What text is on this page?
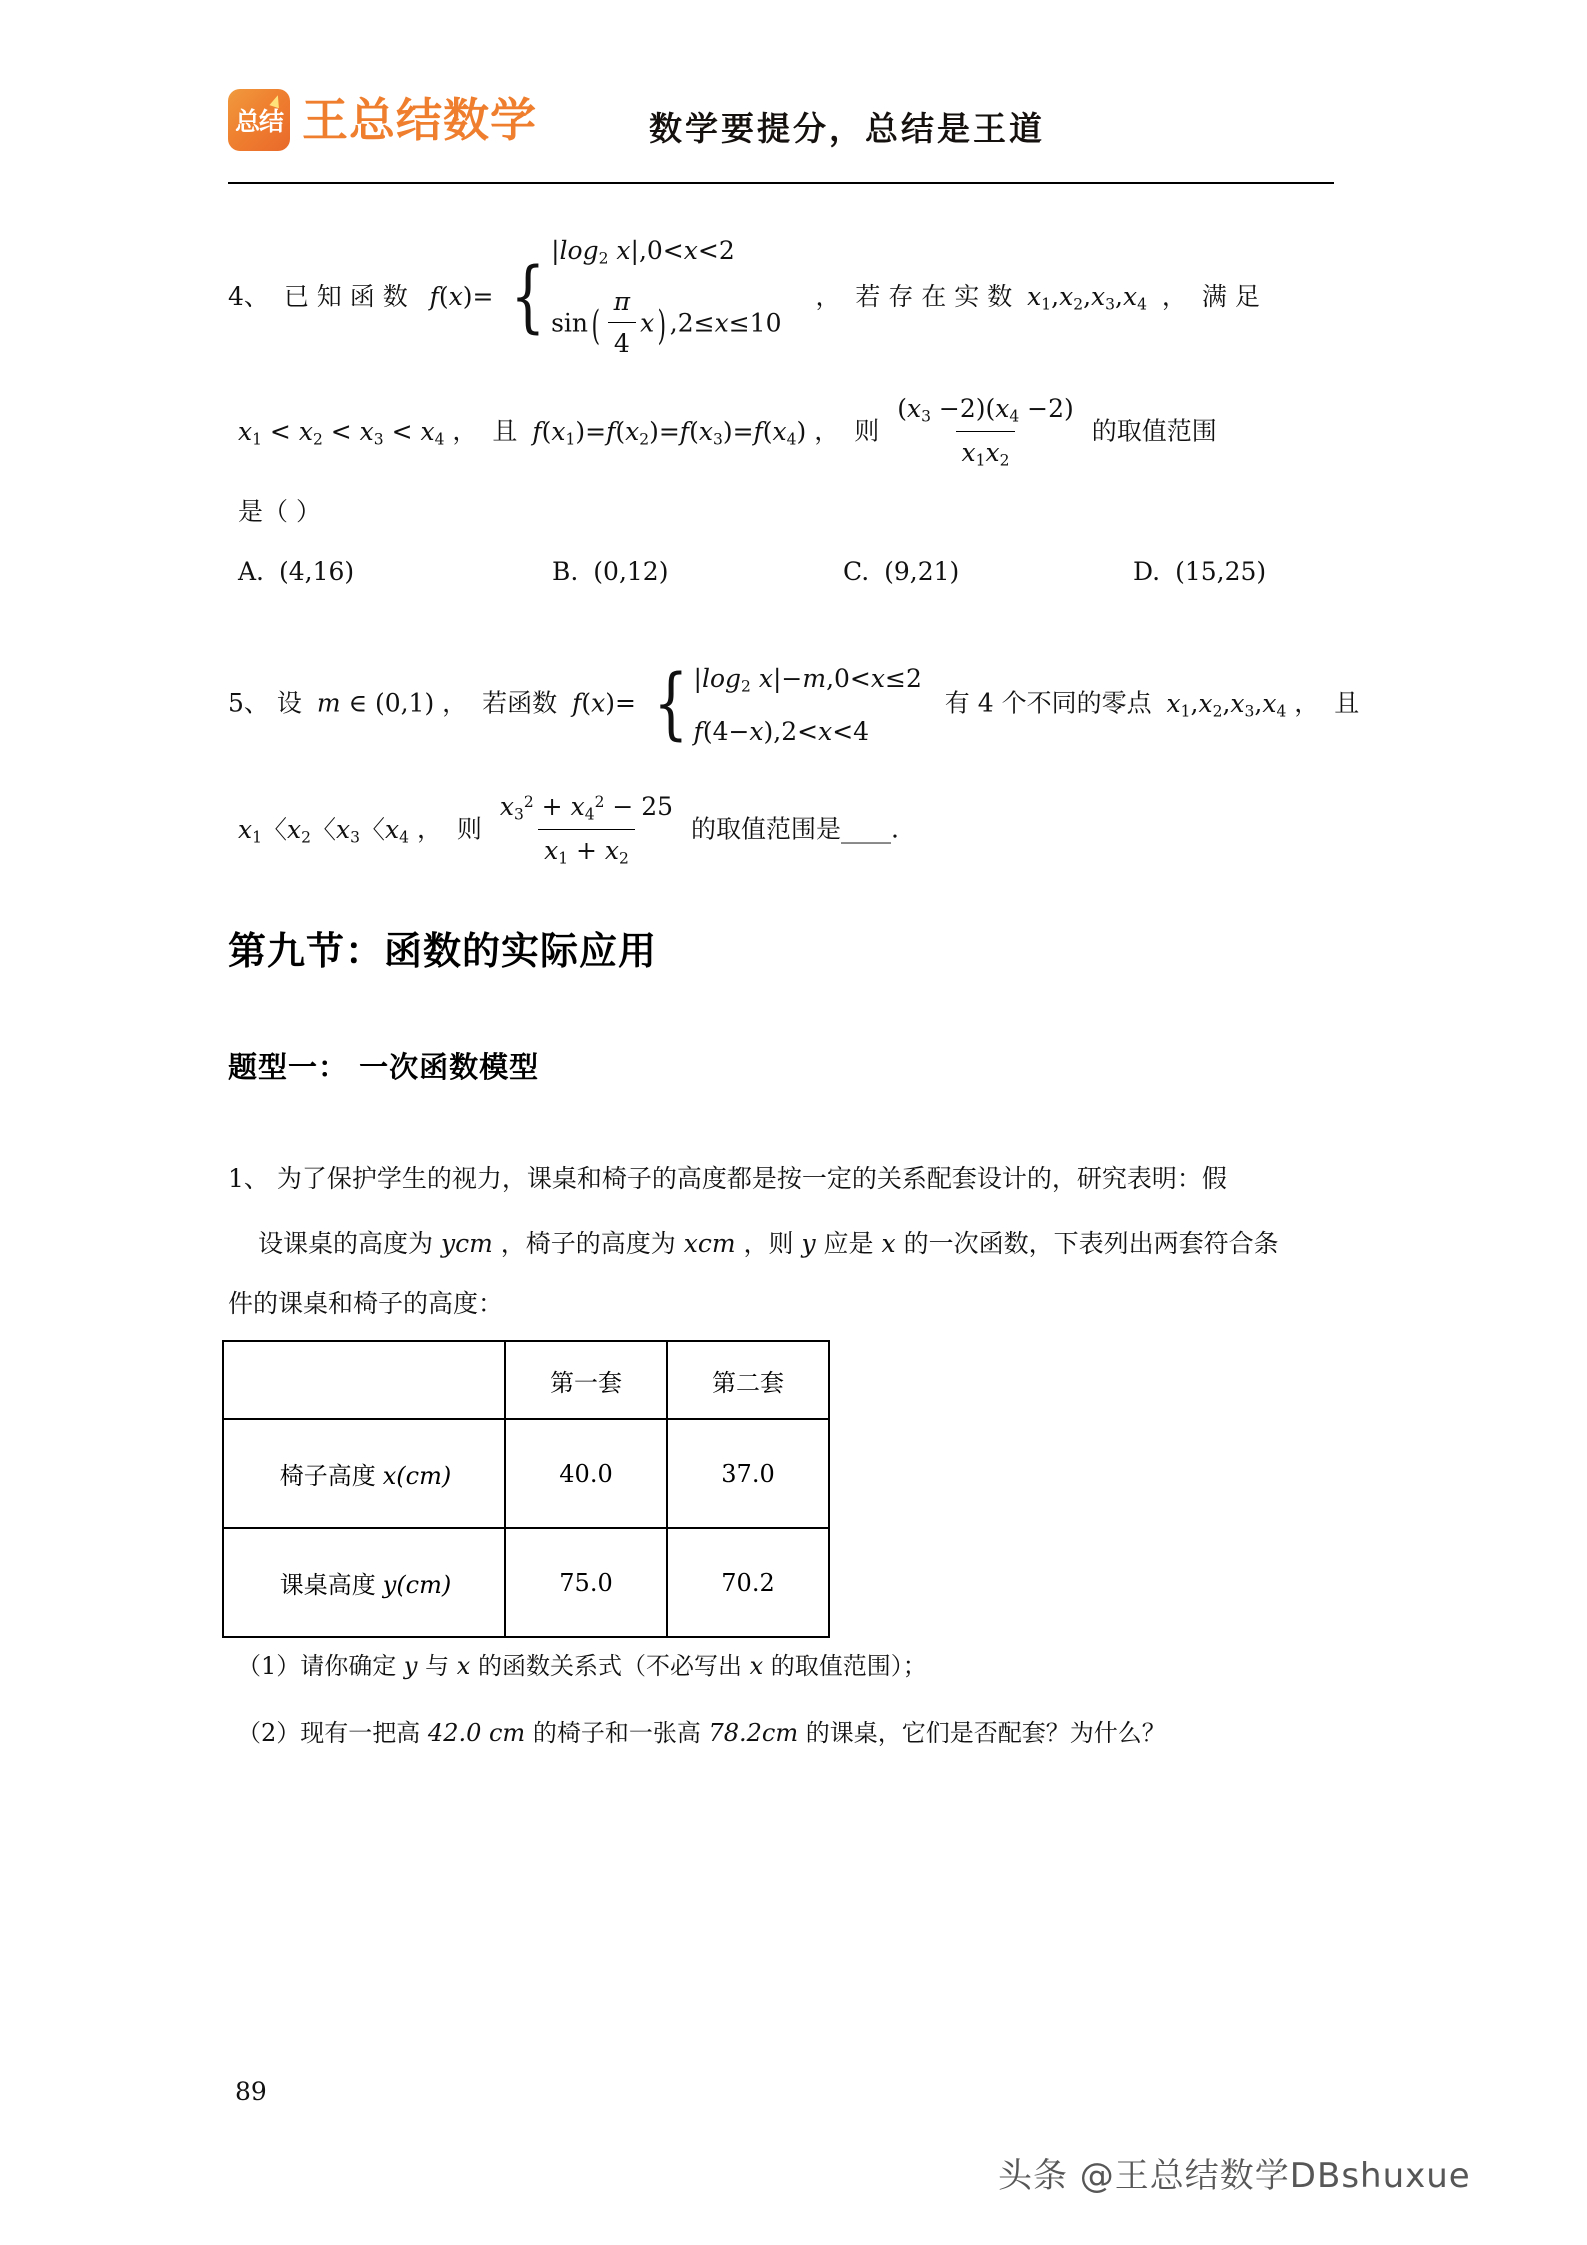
总结 王总结数学	数学要提分，总结是王道
4、 已 知 函 数 f(x)= {
$|\log_2$ x|,0<x<2
$\sin( \frac{\pi}{4} x)$ ,2≤x≤10
， 若 存 在 实 数 $x_1,x_2,x_3,x_4$ ， 满 足
$x_1 < x_2 < x_3 < x_4$ ， 且 $f(x_1)=f(x_2)=f(x_3)=f(x_4)$ ， 则 $\frac{(x_3 -2)(x_4 -2)}{x_1x_2}$ 的取值范围
是（ ）
A. (4,16)	B. (0,12)	C. (9,21)	D. (15,25)
5、 设 m ∈ (0,1) ， 若函数 f(x)= { $|\log_2$ x|−m,0<x≤2
f(4−x),2<x<4
有 4 个不同的零点 $x_1,x_2,x_3,x_4$ ， 且
$x_1$〈$x_2$〈$x_3$〈$x_4$ ， 则 $\frac{x_3^2 + x_4^2 - 25}{x_1 + x_2}$ 的取值范围是____.
第九节：函数的实际应用
题型一： 一次函数模型
1、 为了保护学生的视力，课桌和椅子的高度都是按一定的关系配套设计的，研究表明：假
设课桌的高度为 ycm ，椅子的高度为 xcm ，则 y 应是 x 的一次函数，下表列出两套符合条
件的课桌和椅子的高度：
	第一套	第二套
椅子高度 x(cm)	40.0	37.0
课桌高度 y(cm)	75.0	70.2
（1）请你确定 y 与 x 的函数关系式（不必写出 x 的取值范围）；
（2）现有一把高 42.0 cm 的椅子和一张高 78.2cm 的课桌，它们是否配套？为什么？
89
头条 @王总结数学DBshuxue
